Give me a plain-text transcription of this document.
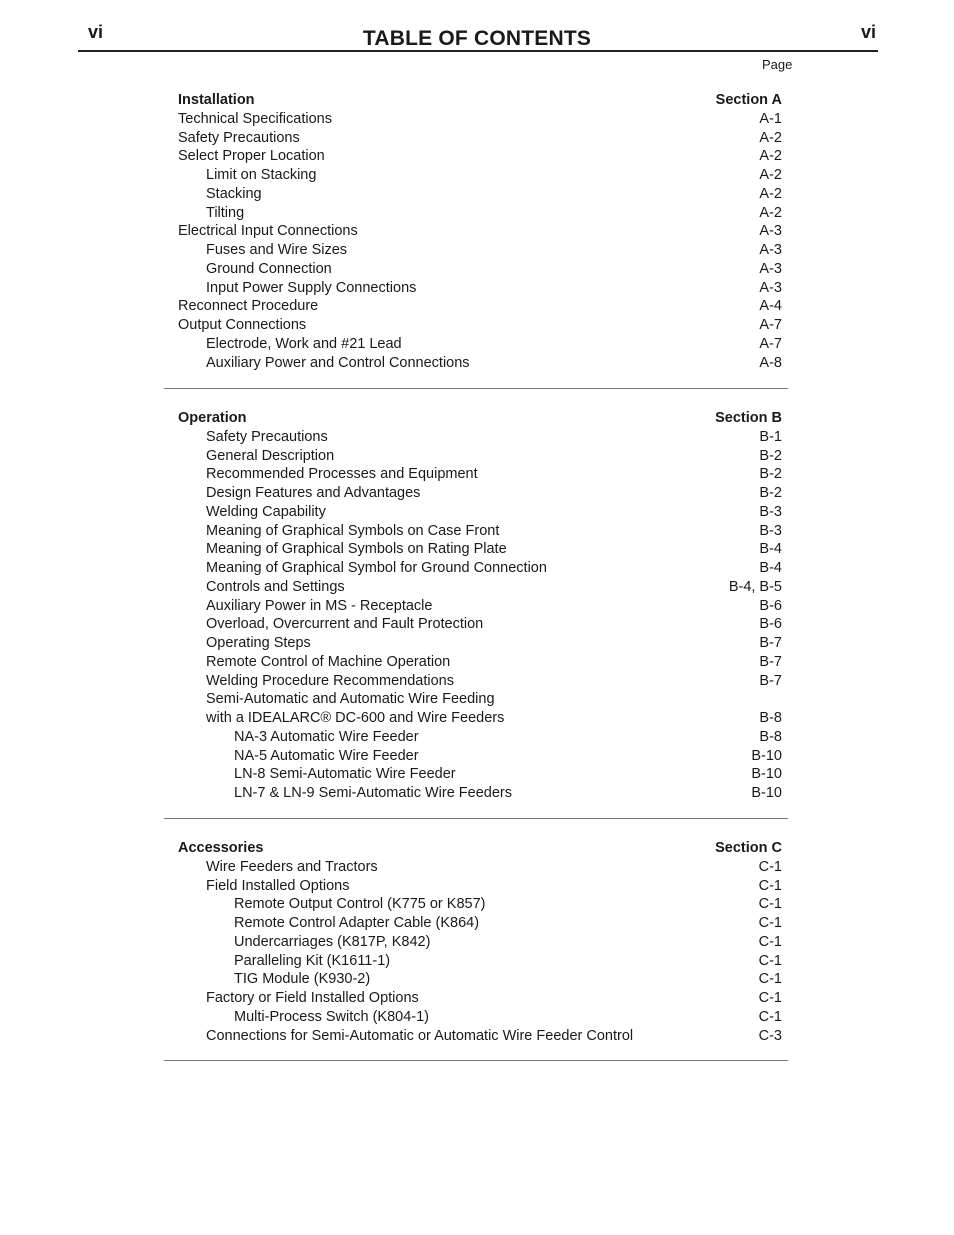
vi	TABLE OF CONTENTS	vi
Page
Installation	Section A
Technical Specifications	A-1
Safety Precautions	A-2
Select Proper Location	A-2
Limit on Stacking	A-2
Stacking	A-2
Tilting	A-2
Electrical Input Connections	A-3
Fuses and Wire Sizes	A-3
Ground Connection	A-3
Input Power Supply Connections	A-3
Reconnect Procedure	A-4
Output Connections	A-7
Electrode, Work and #21 Lead	A-7
Auxiliary Power and Control Connections	A-8
Operation	Section B
Safety Precautions	B-1
General Description	B-2
Recommended Processes and Equipment	B-2
Design Features and Advantages	B-2
Welding Capability	B-3
Meaning of Graphical Symbols on Case Front	B-3
Meaning of Graphical Symbols on Rating Plate	B-4
Meaning of Graphical Symbol for Ground Connection	B-4
Controls and Settings	B-4, B-5
Auxiliary Power in MS - Receptacle	B-6
Overload, Overcurrent and Fault Protection	B-6
Operating Steps	B-7
Remote Control of Machine Operation	B-7
Welding Procedure Recommendations	B-7
Semi-Automatic and Automatic Wire Feeding
with a IDEALARC® DC-600 and Wire Feeders	B-8
NA-3 Automatic Wire Feeder	B-8
NA-5 Automatic Wire Feeder	B-10
LN-8 Semi-Automatic Wire Feeder	B-10
LN-7 & LN-9 Semi-Automatic Wire Feeders	B-10
Accessories	Section C
Wire Feeders and Tractors	C-1
Field Installed Options	C-1
Remote Output Control (K775 or K857)	C-1
Remote Control Adapter Cable (K864)	C-1
Undercarriages (K817P, K842)	C-1
Paralleling Kit (K1611-1)	C-1
TIG Module (K930-2)	C-1
Factory or Field Installed Options	C-1
Multi-Process Switch (K804-1)	C-1
Connections for Semi-Automatic or Automatic Wire Feeder Control	C-3
